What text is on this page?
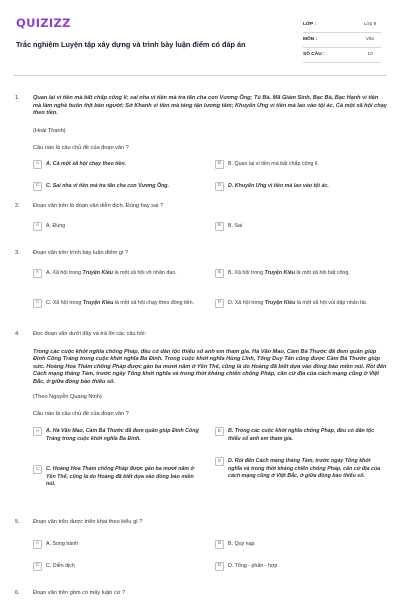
QUIZIZZ
Trắc nghiệm Luyện tập xây dựng và trình bày luận điểm có đáp án
LỚP :	Lớp 8
MÔN :	Văn
SỐ CÂU :	10
1. Quan lại vì tiền mà bất chấp công lí; sai nha vì tiền mà tra tấn cha con Vương Ông; Tú Bà, Mã Giám Sinh, Bạc Bà, Bạc Hạnh vì tiền mà làm nghề buôn thịt bán người; Sở Khanh vì tiền mà táng tận lương tâm; Khuyển Ưng vì tiền mà lao vào tội ác. Cả một xã hội chạy theo tiền.
(Hoài Thanh)
Câu nào là câu chủ đề của đoạn văn ?
A	A. Cả một xã hội chạy theo tiền.	B	B. Quan lại vì tiền mà bất chấp công lí.
C	C. Sai nha vì tiền mà tra tấn cha con Vương Ông.	D	D. Khuyển Ưng vì tiền mà lao vào tội ác.
2. Đoạn văn trên là đoạn văn diễn dịch. Đúng hay sai ?
A	A. Đúng	B	B. Sai
3. Đoạn văn trên trình bày luận điểm gì ?
A	A. Xã hội trong Truyện Kiều là một xã hội vô nhân đạo.	B	B. Xã hội trong Truyện Kiều là một xã hội bất công.
C	C. Xã hội trong Truyện Kiều là một xã hội chạy theo đồng tiền.	D	D. Xã hội trong Truyện Kiều là một xã hội vùi dập nhân tài.
4. Đọc đoạn văn dưới đây và trả lời các câu hỏi:
Trong các cuộc khởi nghĩa chống Pháp, đều có dân tộc thiểu số anh em tham gia. Hà Văn Mao, Cầm Bá Thước đã đem quân giúp Đinh Công Tráng trong cuộc khởi nghĩa Ba Đình. Trong cuộc khởi nghĩa Hùng Lĩnh, Tống Duy Tân cũng được Cầm Bá Thước giúp sức. Hoàng Hoa Thám chống Pháp được gần ba mươi năm ở Yên Thế, cũng là do Hoàng đã biết dựa vào đồng bào miền núi. Rồi đến Cách mạng tháng Tám, trước ngày Tổng khởi nghĩa và trong thời kháng chiến chống Pháp, căn cứ địa của cách mạng cũng ở Việt Bắc, ở giữa đồng bào thiểu số.
(Theo Nguyễn Quang Ninh)
Câu nào là câu chủ đề của đoạn văn ?
A	A. Hà Văn Mao, Cầm Bá Thước đã đem quân giúp Đinh Công Tráng trong cuộc khởi nghĩa Ba Đình.
B	B. Trong các cuộc khởi nghĩa chống Pháp, đều có dân tộc thiểu số anh em tham gia.
C	C. Hoàng Hoa Thám chống Pháp được gần ba mươi năm ở Yên Thế, cũng là do Hoàng đã biết dựa vào đồng bào miền núi.
D	D. Rồi đến Cách mạng tháng Tám, trước ngày Tổng khởi nghĩa và trong thời kháng chiến chống Pháp, căn cứ địa của cách mạng cũng ở Việt Bắc, ở giữa đồng bào thiểu số.
5. Đoạn văn trên được triển khai theo kiểu gì ?
A	A. Song hành	B	B. Quy nạp
C	C. Diễn dịch	D	D. Tổng - phân - hợp
6. Đoạn văn trên gồm có mấy luận cứ ?
